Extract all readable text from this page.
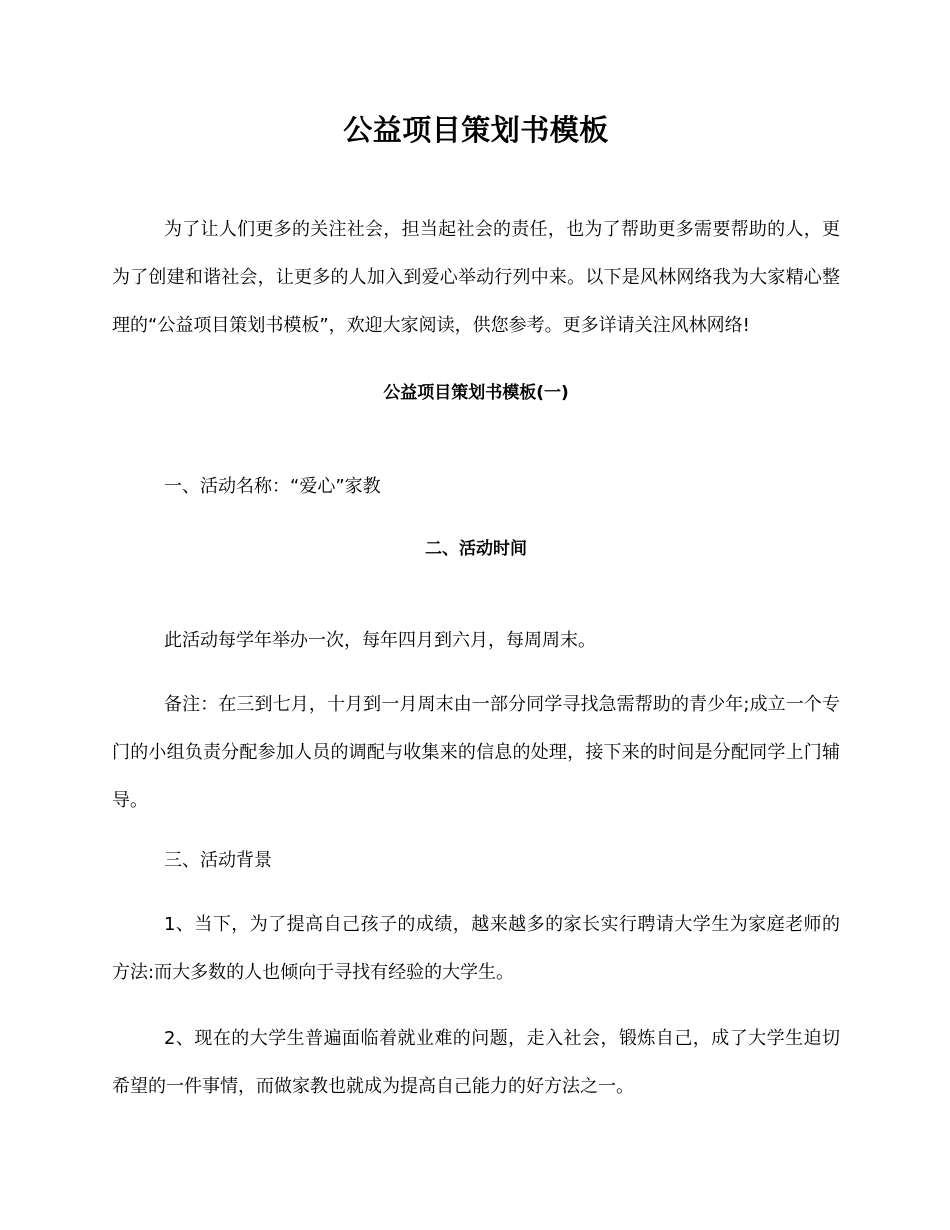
公益项目策划书模板

为了让人们更多的关注社会，担当起社会的责任，也为了帮助更多需要帮助的人，更为了创建和谐社会，让更多的人加入到爱心举动行列中来。以下是风林网络我为大家精心整理的“公益项目策划书模板”，欢迎大家阅读，供您参考。更多详请关注风林网络!

公益项目策划书模板(一)
一、活动名称：“爱心”家教
二、活动时间

此活动每学年举办一次，每年四月到六月，每周周末。

备注：在三到七月，十月到一月周末由一部分同学寻找急需帮助的青少年;成立一个专门的小组负责分配参加人员的调配与收集来的信息的处理，接下来的时间是分配同学上门辅导。

三、活动背景

1、当下，为了提高自己孩子的成绩，越来越多的家长实行聘请大学生为家庭老师的方法:而大多数的人也倾向于寻找有经验的大学生。

2、现在的大学生普遍面临着就业难的问题，走入社会，锻炼自己，成了大学生迫切希望的一件事情，而做家教也就成为提高自己能力的好方法之一。
